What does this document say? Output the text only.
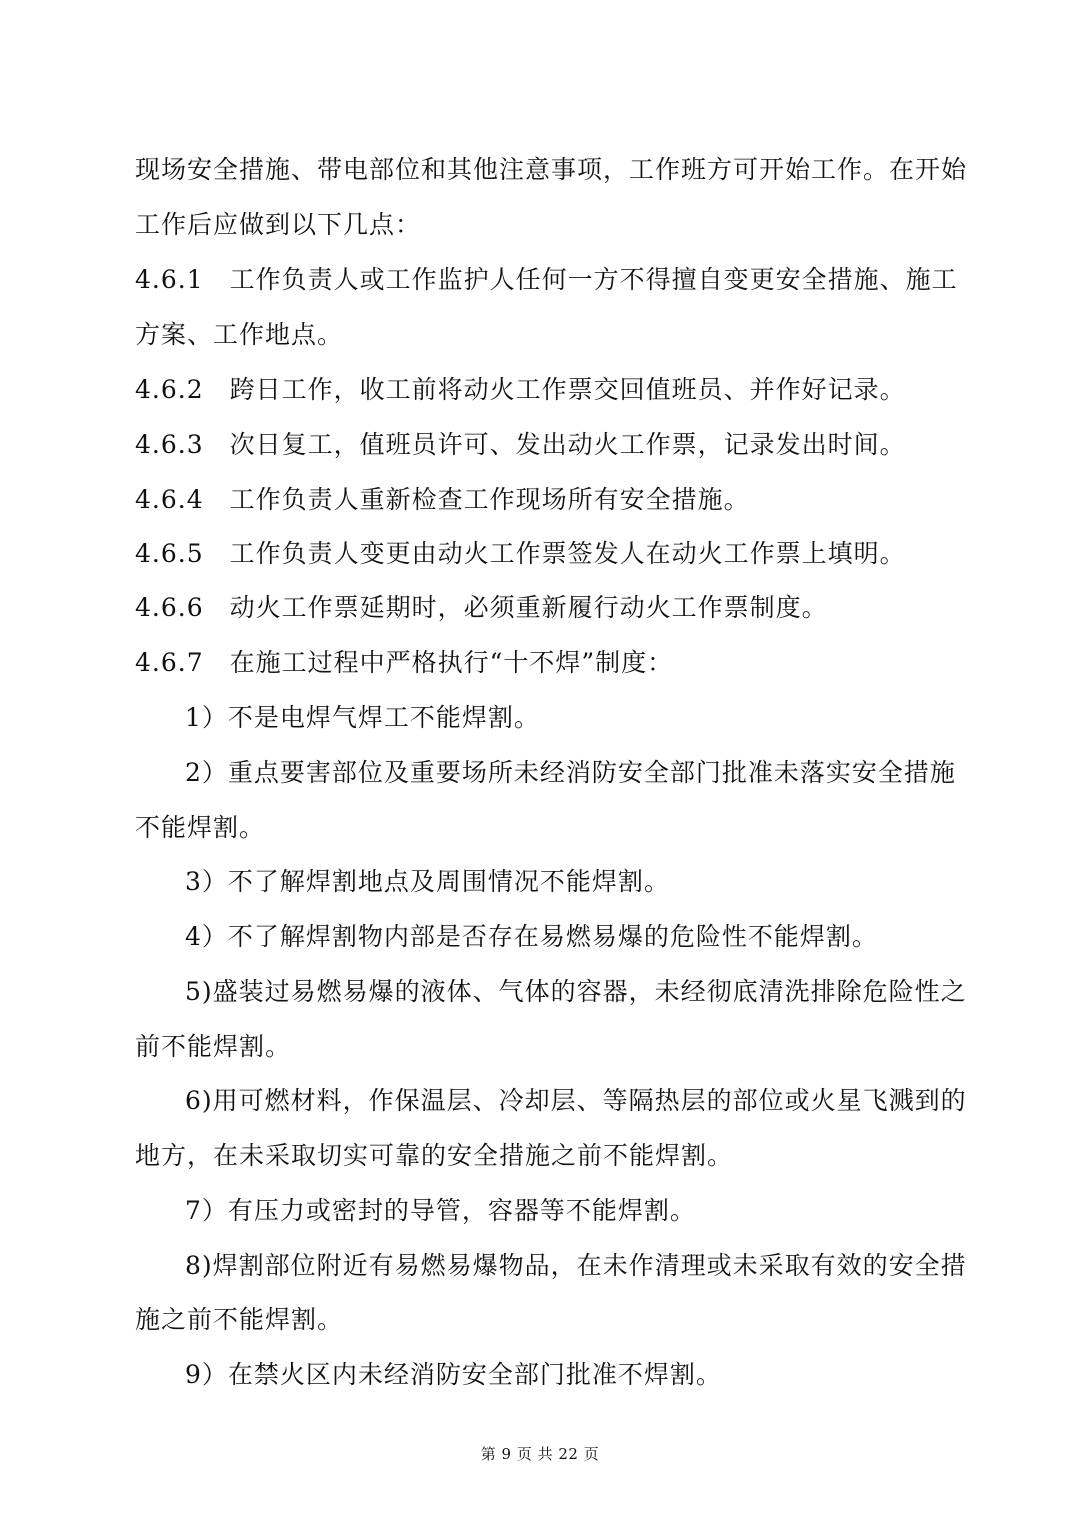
现场安全措施、带电部位和其他注意事项，工作班方可开始工作。在开始
工作后应做到以下几点：
4.6.1　工作负责人或工作监护人任何一方不得擅自变更安全措施、施工
方案、工作地点。
4.6.2　跨日工作，收工前将动火工作票交回值班员、并作好记录。
4.6.3　次日复工，值班员许可、发出动火工作票，记录发出时间。
4.6.4　工作负责人重新检查工作现场所有安全措施。
4.6.5　工作负责人变更由动火工作票签发人在动火工作票上填明。
4.6.6　动火工作票延期时，必须重新履行动火工作票制度。
4.6.7　在施工过程中严格执行“十不焊”制度：
1）不是电焊气焊工不能焊割。
2）重点要害部位及重要场所未经消防安全部门批准未落实安全措施
不能焊割。
3）不了解焊割地点及周围情况不能焊割。
4）不了解焊割物内部是否存在易燃易爆的危险性不能焊割。
5)盛装过易燃易爆的液体、气体的容器，未经彻底清洗排除危险性之
前不能焊割。
6)用可燃材料，作保温层、冷却层、等隔热层的部位或火星飞溅到的
地方，在未采取切实可靠的安全措施之前不能焊割。
7）有压力或密封的导管，容器等不能焊割。
8)焊割部位附近有易燃易爆物品，在未作清理或未采取有效的安全措
施之前不能焊割。
9）在禁火区内未经消防安全部门批准不焊割。
第 9 页 共 22 页
